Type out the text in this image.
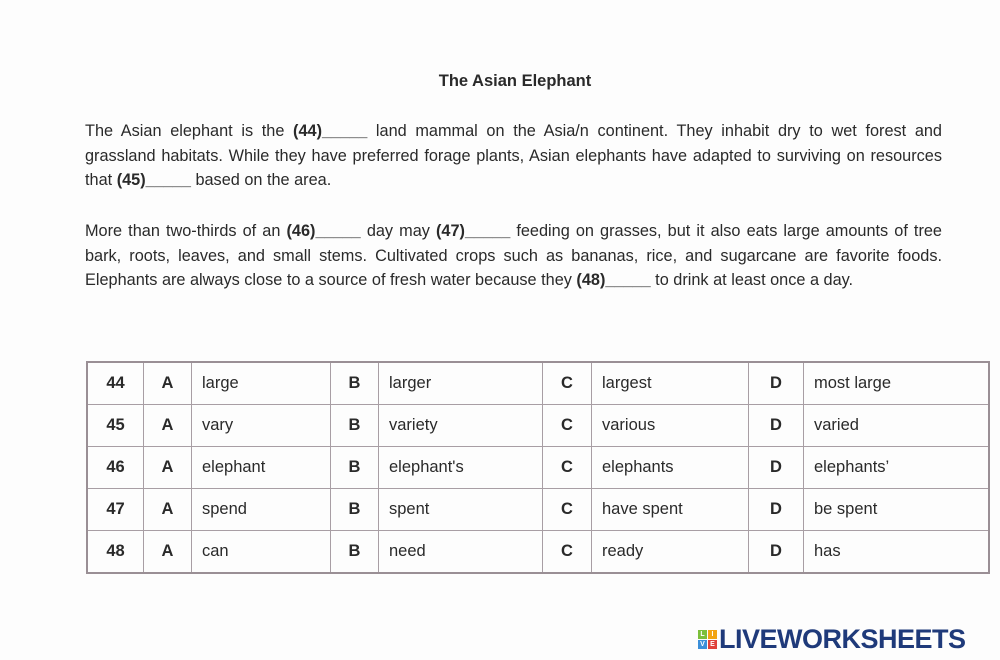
The Asian Elephant
The Asian elephant is the (44)_____ land mammal on the Asia/n continent. They inhabit dry to wet forest and grassland habitats. While they have preferred forage plants, Asian elephants have adapted to surviving on resources that (45)_____ based on the area.
More than two-thirds of an (46)_____ day may (47)_____ feeding on grasses, but it also eats large amounts of tree bark, roots, leaves, and small stems. Cultivated crops such as bananas, rice, and sugarcane are favorite foods. Elephants are always close to a source of fresh water because they (48)_____ to drink at least once a day.
44	A	large	B	larger	C	largest	D	most large
45	A	vary	B	variety	C	various	D	varied
46	A	elephant	B	elephant's	C	elephants	D	elephants’
47	A	spend	B	spent	C	have spent	D	be spent
48	A	can	B	need	C	ready	D	has
L I
V E LIVEWORKSHEETS
